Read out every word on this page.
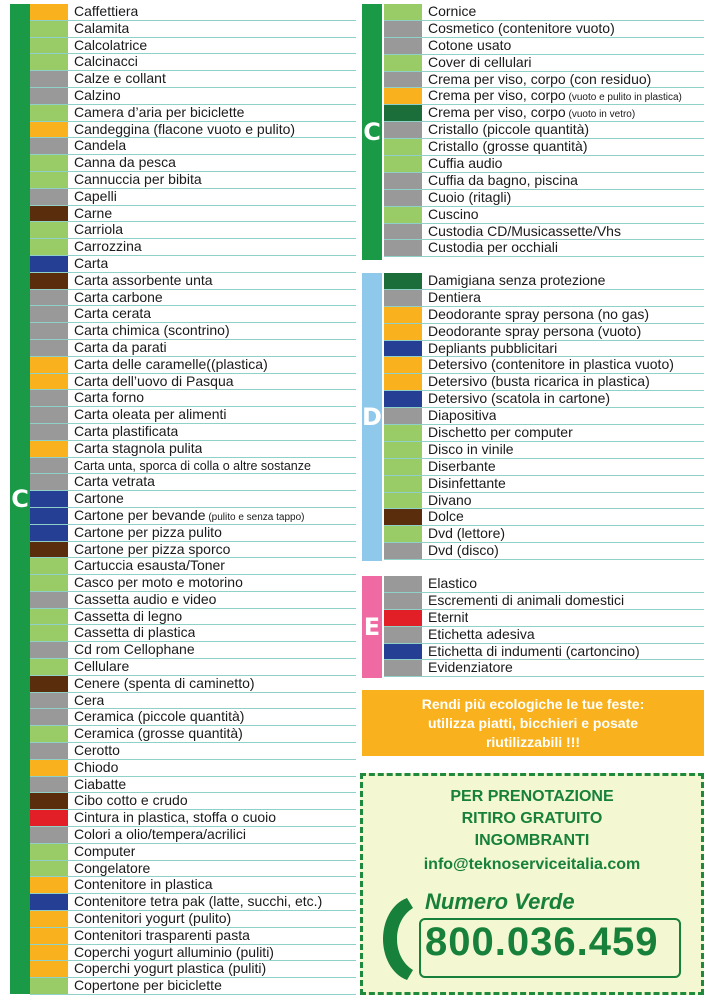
C
Caffettiera
Calamita
Calcolatrice
Calcinacci
Calze e collant
Calzino
Camera d’aria per biciclette
Candeggina (flacone vuoto e pulito)
Candela
Canna da pesca
Cannuccia per bibita
Capelli
Carne
Carriola
Carrozzina
Carta
Carta assorbente unta
Carta carbone
Carta cerata
Carta chimica (scontrino)
Carta da parati
Carta delle caramelle((plastica)
Carta dell’uovo di Pasqua
Carta forno
Carta oleata per alimenti
Carta plastificata
Carta stagnola pulita
Carta unta, sporca di colla o altre sostanze
Carta vetrata
Cartone
Cartone per bevande (pulito e senza tappo)
Cartone per pizza pulito
Cartone per pizza sporco
Cartuccia esausta/Toner
Casco per moto e motorino
Cassetta audio e video
Cassetta di legno
Cassetta di plastica
Cd rom Cellophane
Cellulare
Cenere (spenta di caminetto)
Cera
Ceramica (piccole quantità)
Ceramica (grosse quantità)
Cerotto
Chiodo
Ciabatte
Cibo cotto e crudo
Cintura in plastica, stoffa o cuoio
Colori a olio/tempera/acrilici
Computer
Congelatore
Contenitore in plastica
Contenitore tetra pak (latte, succhi, etc.)
Contenitori yogurt (pulito)
Contenitori trasparenti pasta
Coperchi yogurt alluminio (puliti)
Coperchi yogurt plastica (puliti)
Copertone per biciclette
C
Cornice
Cosmetico (contenitore vuoto)
Cotone usato
Cover di cellulari
Crema per viso, corpo (con residuo)
Crema per viso, corpo (vuoto e pulito in plastica)
Crema per viso, corpo (vuoto in vetro)
Cristallo (piccole quantità)
Cristallo (grosse quantità)
Cuffia audio
Cuffia da bagno, piscina
Cuoio (ritagli)
Cuscino
Custodia CD/Musicassette/Vhs
Custodia per occhiali
D
Damigiana senza protezione
Dentiera
Deodorante spray persona (no gas)
Deodorante spray persona (vuoto)
Depliants pubblicitari
Detersivo (contenitore in plastica vuoto)
Detersivo (busta ricarica in plastica)
Detersivo (scatola in cartone)
Diapositiva
Dischetto per computer
Disco in vinile
Diserbante
Disinfettante
Divano
Dolce
Dvd (lettore)
Dvd (disco)
E
Elastico
Escrementi di animali domestici
Eternit
Etichetta adesiva
Etichetta di indumenti (cartoncino)
Evidenziatore
Rendi più ecologiche le tue feste:
utilizza piatti, bicchieri e posate
riutilizzabili !!!
PER PRENOTAZIONE
RITIRO GRATUITO
INGOMBRANTI
info@teknoserviceitalia.com
Numero Verde
800.036.459
